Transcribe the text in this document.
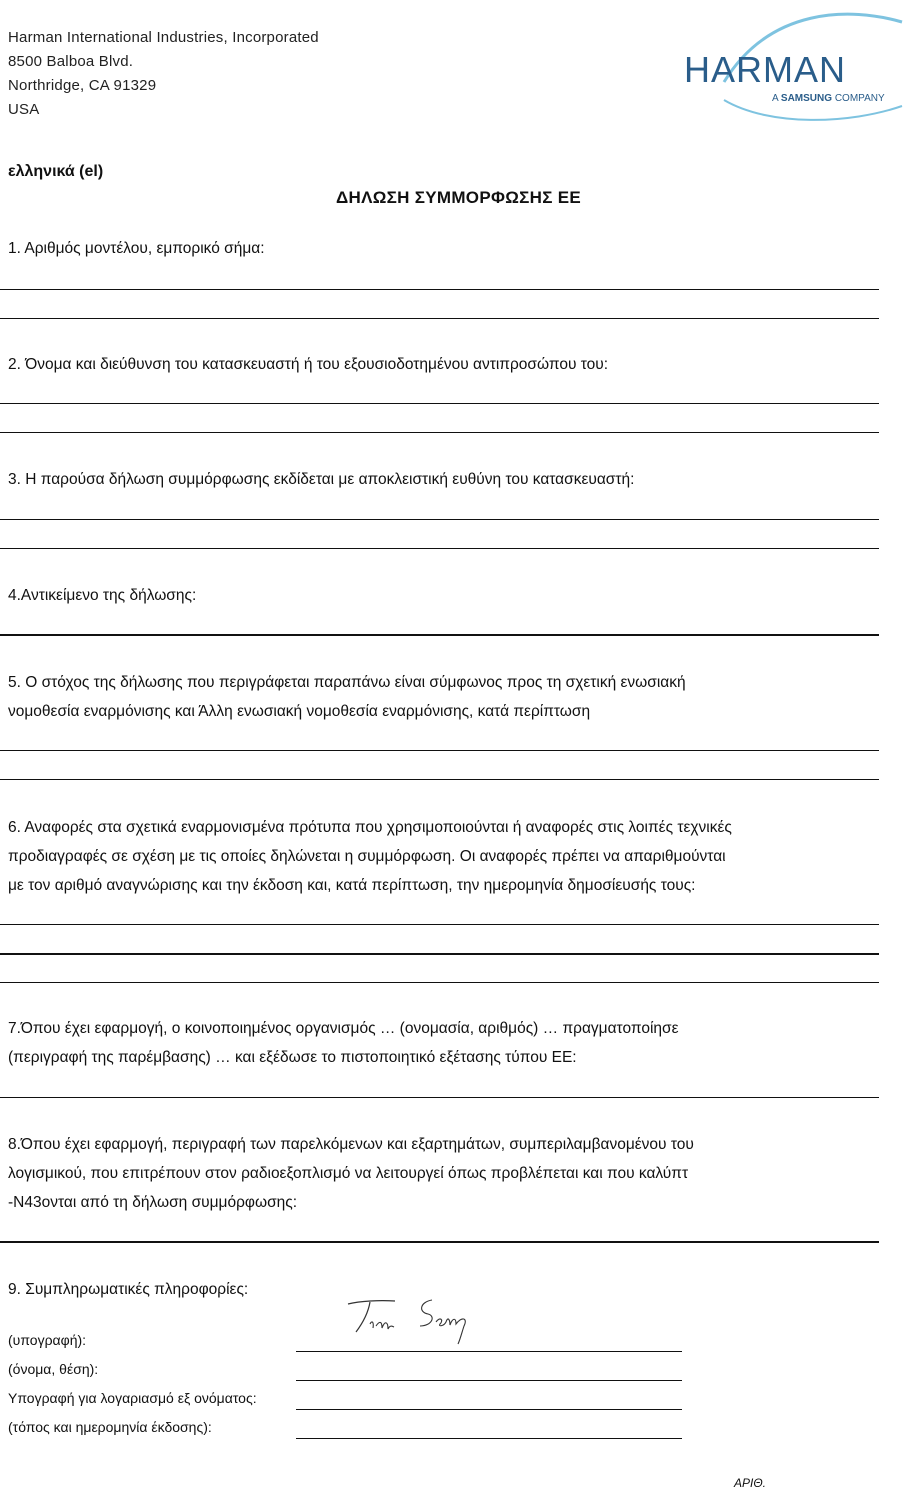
Harman International Industries, Incorporated
8500 Balboa Blvd.
Northridge, CA 91329
USA
HARMAN
A SAMSUNG COMPANY
ελληνικά (el)
ΔΗΛΩΣΗ ΣΥΜΜΟΡΦΩΣΗΣ ΕΕ
1. Αριθμός μοντέλου, εμπορικό σήμα:
2. Όνομα και διεύθυνση του κατασκευαστή ή του εξουσιοδοτημένου αντιπροσώπου του:
3. Η παρούσα δήλωση συμμόρφωσης εκδίδεται με αποκλειστική ευθύνη του κατασκευαστή:
4.Αντικείμενο της δήλωσης:
5. Ο στόχος της δήλωσης που περιγράφεται παραπάνω είναι σύμφωνος προς τη σχετική ενωσιακή
νομοθεσία εναρμόνισης και Άλλη ενωσιακή νομοθεσία εναρμόνισης, κατά περίπτωση
6. Αναφορές στα σχετικά εναρμονισμένα πρότυπα που χρησιμοποιούνται ή αναφορές στις λοιπές τεχνικές
προδιαγραφές σε σχέση με τις οποίες δηλώνεται η συμμόρφωση. Οι αναφορές πρέπει να απαριθμούνται
με τον αριθμό αναγνώρισης και την έκδοση και, κατά περίπτωση, την ημερομηνία δημοσίευσής τους:
7.Όπου έχει εφαρμογή, ο κοινοποιημένος οργανισμός … (ονομασία, αριθμός) … πραγματοποίησε
(περιγραφή της παρέμβασης) … και εξέδωσε το πιστοποιητικό εξέτασης τύπου ΕΕ:
8.Όπου έχει εφαρμογή, περιγραφή των παρελκόμενων και εξαρτημάτων, συμπεριλαμβανομένου του
λογισμικού, που επιτρέπουν στον ραδιοεξοπλισμό να λειτουργεί όπως προβλέπεται και που καλύπτ
-N43ονται από τη δήλωση συμμόρφωσης:
9. Συμπληρωματικές πληροφορίες:
(υπογραφή):
(όνομα, θέση):
Υπογραφή για λογαριασμό εξ ονόματος:
(τόπος και ημερομηνία έκδοσης):
ΑΡΙΘ.
